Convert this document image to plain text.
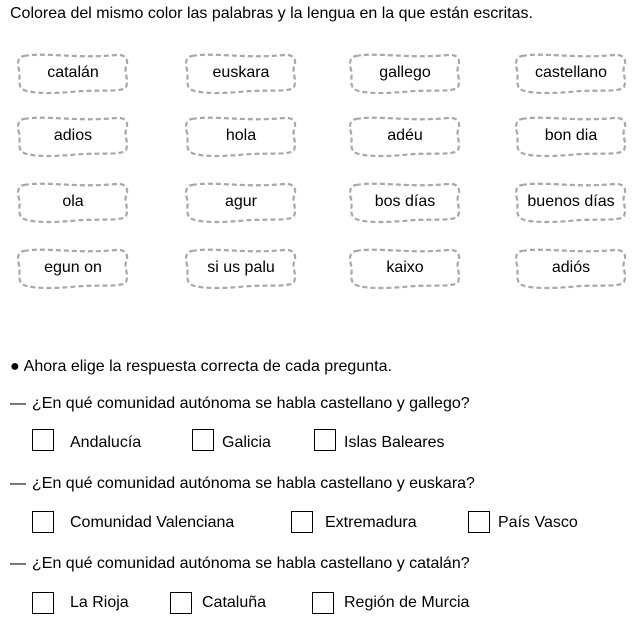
Colorea del mismo color las palabras y la lengua en la que están escritas.
catalán	euskara	gallego	castellano
adios	hola	adéu	bon dia
ola	agur	bos días	buenos días
egun on	si us palu	kaixo	adiós
● Ahora elige la respuesta correcta de cada pregunta.
— ¿En qué comunidad autónoma se habla castellano y gallego?
Andalucía	Galicia	Islas Baleares
— ¿En qué comunidad autónoma se habla castellano y euskara?
Comunidad Valenciana	Extremadura	País Vasco
— ¿En qué comunidad autónoma se habla castellano y catalán?
La Rioja	Cataluña	Región de Murcia
